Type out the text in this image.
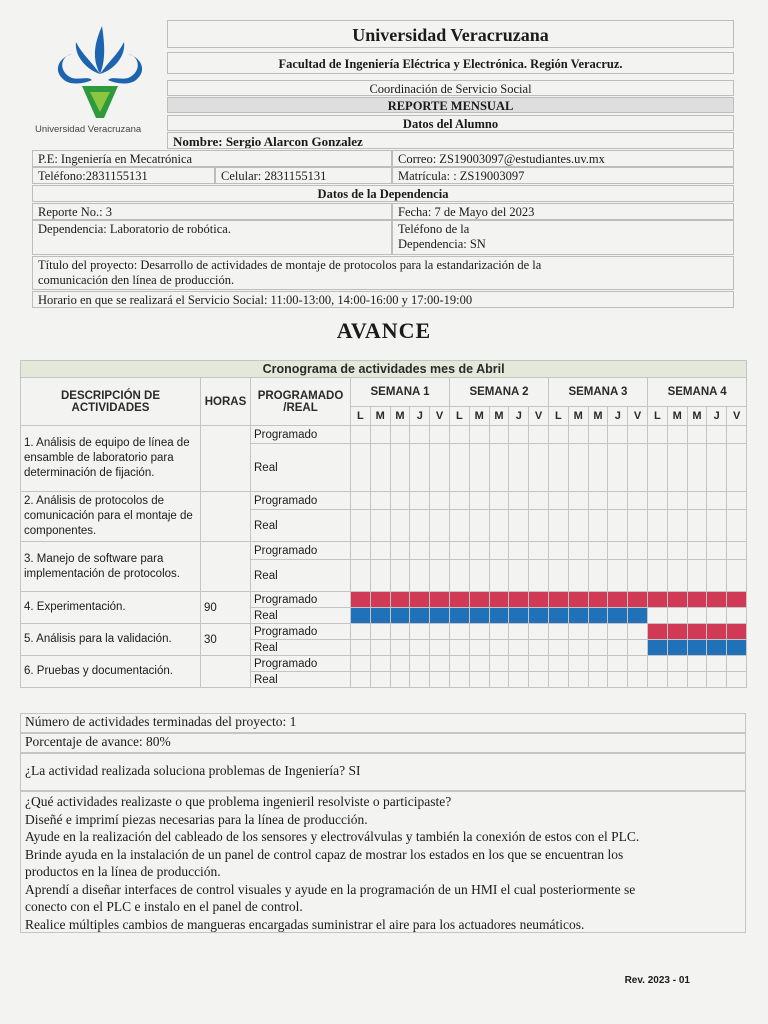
Universidad Veracruzana
Universidad Veracruzana
Facultad de Ingeniería Eléctrica y Electrónica. Región Veracruz.
Coordinación de Servicio Social
REPORTE MENSUAL
Datos del Alumno
Nombre: Sergio Alarcon Gonzalez
P.E: Ingeniería en Mecatrónica	Correo: ZS19003097@estudiantes.uv.mx
Teléfono:2831155131	Celular: 2831155131	Matrícula: : ZS19003097
Datos de la Dependencia
Reporte No.: 3	Fecha: 7 de Mayo del 2023
Dependencia: Laboratorio de robótica.	Teléfono de la
Dependencia: SN
Título del proyecto: Desarrollo de actividades de montaje de protocolos para la estandarización de la
comunicación den línea de producción.
Horario en que se realizará el Servicio Social: 11:00-13:00, 14:00-16:00 y 17:00-19:00
AVANCE
Cronograma de actividades mes de Abril																						
DESCRIPCIÓN DE ACTIVIDADES	HORAS	PROGRAMADO /REAL	SEMANA 1					SEMANA 2					SEMANA 3					SEMANA 4				
			L	M	M	J	V	L	M	M	J	V	L	M	M	J	V	L	M	M	J	V
1. Análisis de equipo de línea de ensamble de laboratorio para determinación de fijación.		Programado																				
		Real																				
2. Análisis de protocolos de comunicación para el montaje de componentes.		Programado																				
		Real																				
3. Manejo de software para implementación de protocolos.		Programado																				
		Real																				
4. Experimentación.	90	Programado																				
		Real																				
5. Análisis para la validación.	30	Programado																				
		Real																				
6. Pruebas y documentación.		Programado																				
		Real																				
Número de actividades terminadas del proyecto: 1
Porcentaje de avance: 80%
¿La actividad realizada soluciona problemas de Ingeniería? SI
¿Qué actividades realizaste o que problema ingenieril resolviste o participaste?
Diseñé e imprimí piezas necesarias para la línea de producción.
Ayude en la realización del cableado de los sensores y electroválvulas y también la conexión de estos con el PLC.
Brinde ayuda en la instalación de un panel de control capaz de mostrar los estados en los que se encuentran los
productos en la línea de producción.
Aprendí a diseñar interfaces de control visuales y ayude en la programación de un HMI el cual posteriormente se
conecto con el PLC e instalo en el panel de control.
Realice múltiples cambios de mangueras encargadas suministrar el aire para los actuadores neumáticos.
Rev. 2023 - 01
